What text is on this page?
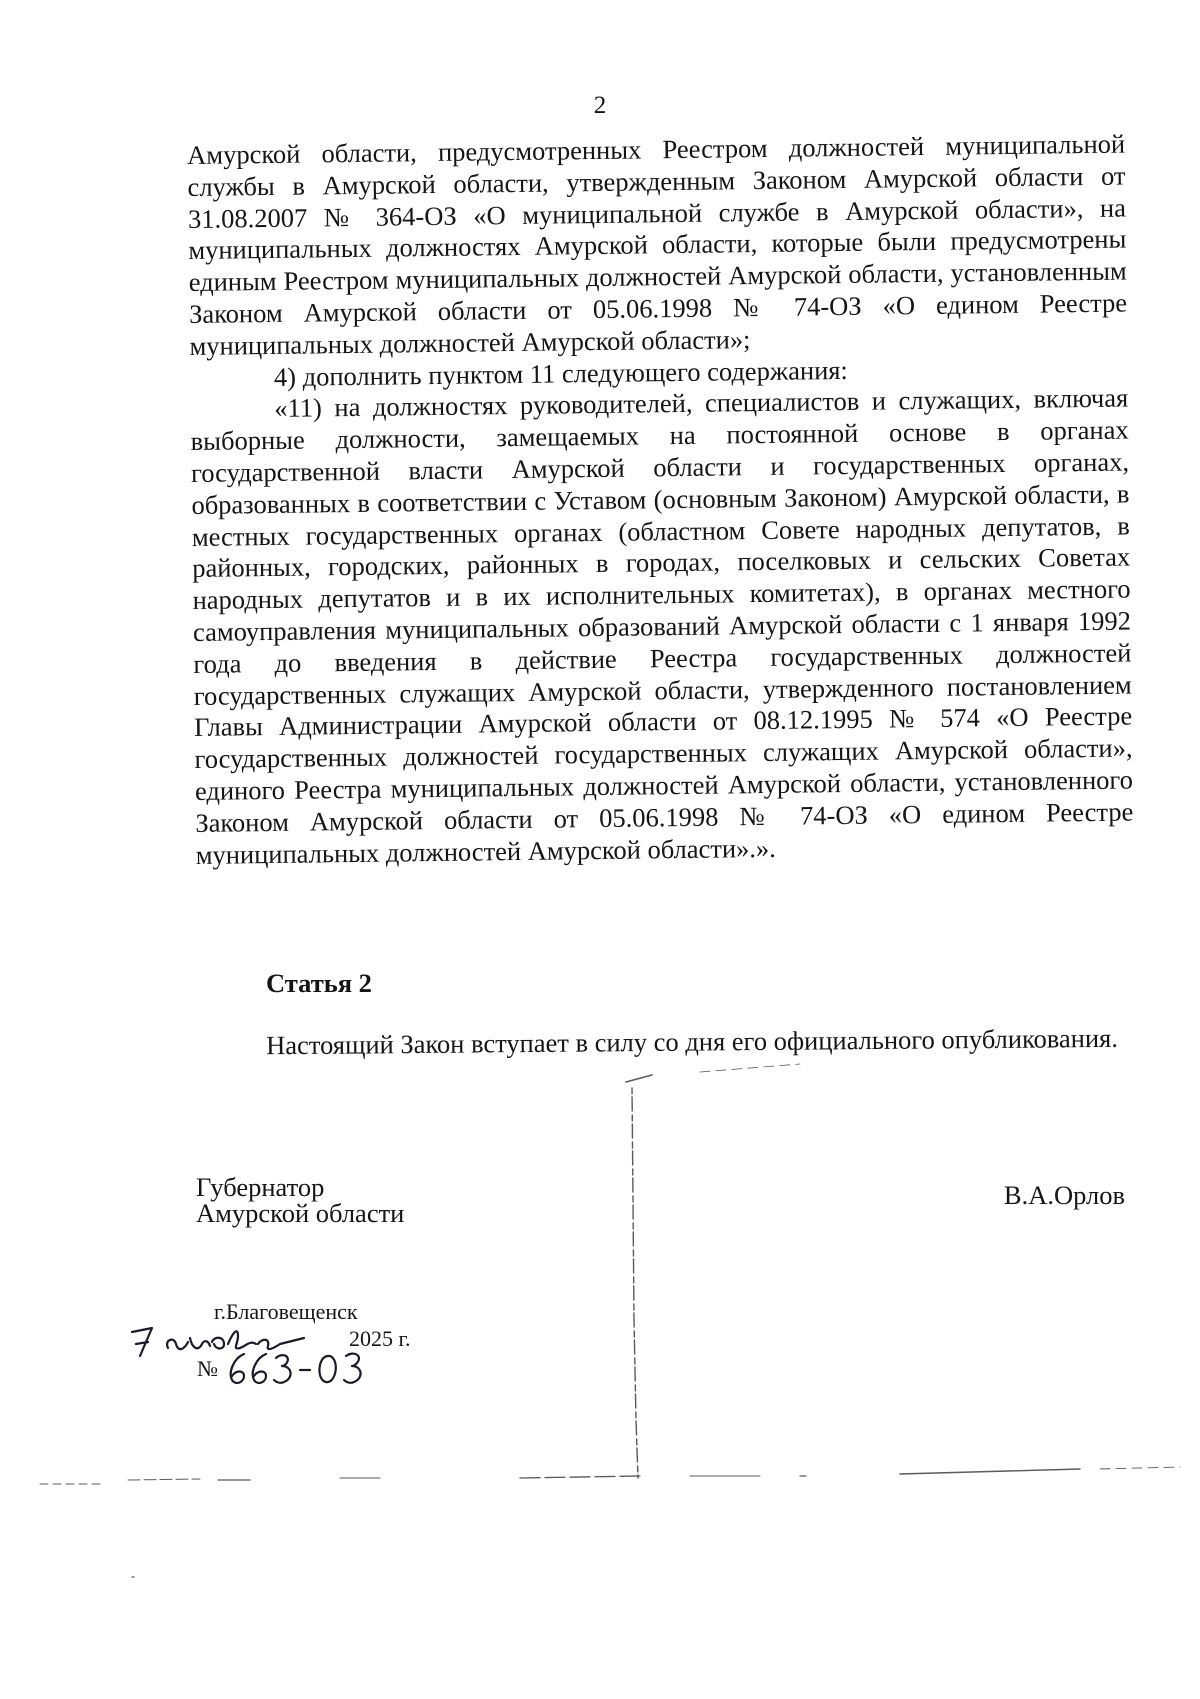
2

Амурской области, предусмотренных Реестром должностей муниципальной службы в Амурской области, утвержденным Законом Амурской области от 31.08.2007 № 364-ОЗ «О муниципальной службе в Амурской области», на муниципальных должностях Амурской области, которые были предусмотрены единым Реестром муниципальных должностей Амурской области, установленным Законом Амурской области от 05.06.1998 № 74-ОЗ «О едином Реестре муниципальных должностей Амурской области»;

4) дополнить пунктом 11 следующего содержания:

«11) на должностях руководителей, специалистов и служащих, включая выборные должности, замещаемых на постоянной основе в органах государственной власти Амурской области и государственных органах, образованных в соответствии с Уставом (основным Законом) Амурской области, в местных государственных органах (областном Совете народных депутатов, в районных, городских, районных в городах, поселковых и сельских Советах народных депутатов и в их исполнительных комитетах), в органах местного самоуправления муниципальных образований Амурской области с 1 января 1992 года до введения в действие Реестра государственных должностей государственных служащих Амурской области, утвержденного постановлением Главы Администрации Амурской области от 08.12.1995 № 574 «О Реестре государственных должностей государственных служащих Амурской области», единого Реестра муниципальных должностей Амурской области, установленного Законом Амурской области от 05.06.1998 № 74-ОЗ «О едином Реестре муниципальных должностей Амурской области».».

Статья 2

Настоящий Закон вступает в силу со дня его официального опубликования.

Губернатор
Амурской области
В.А.Орлов
г.Благовещенск
2025 г.
№
